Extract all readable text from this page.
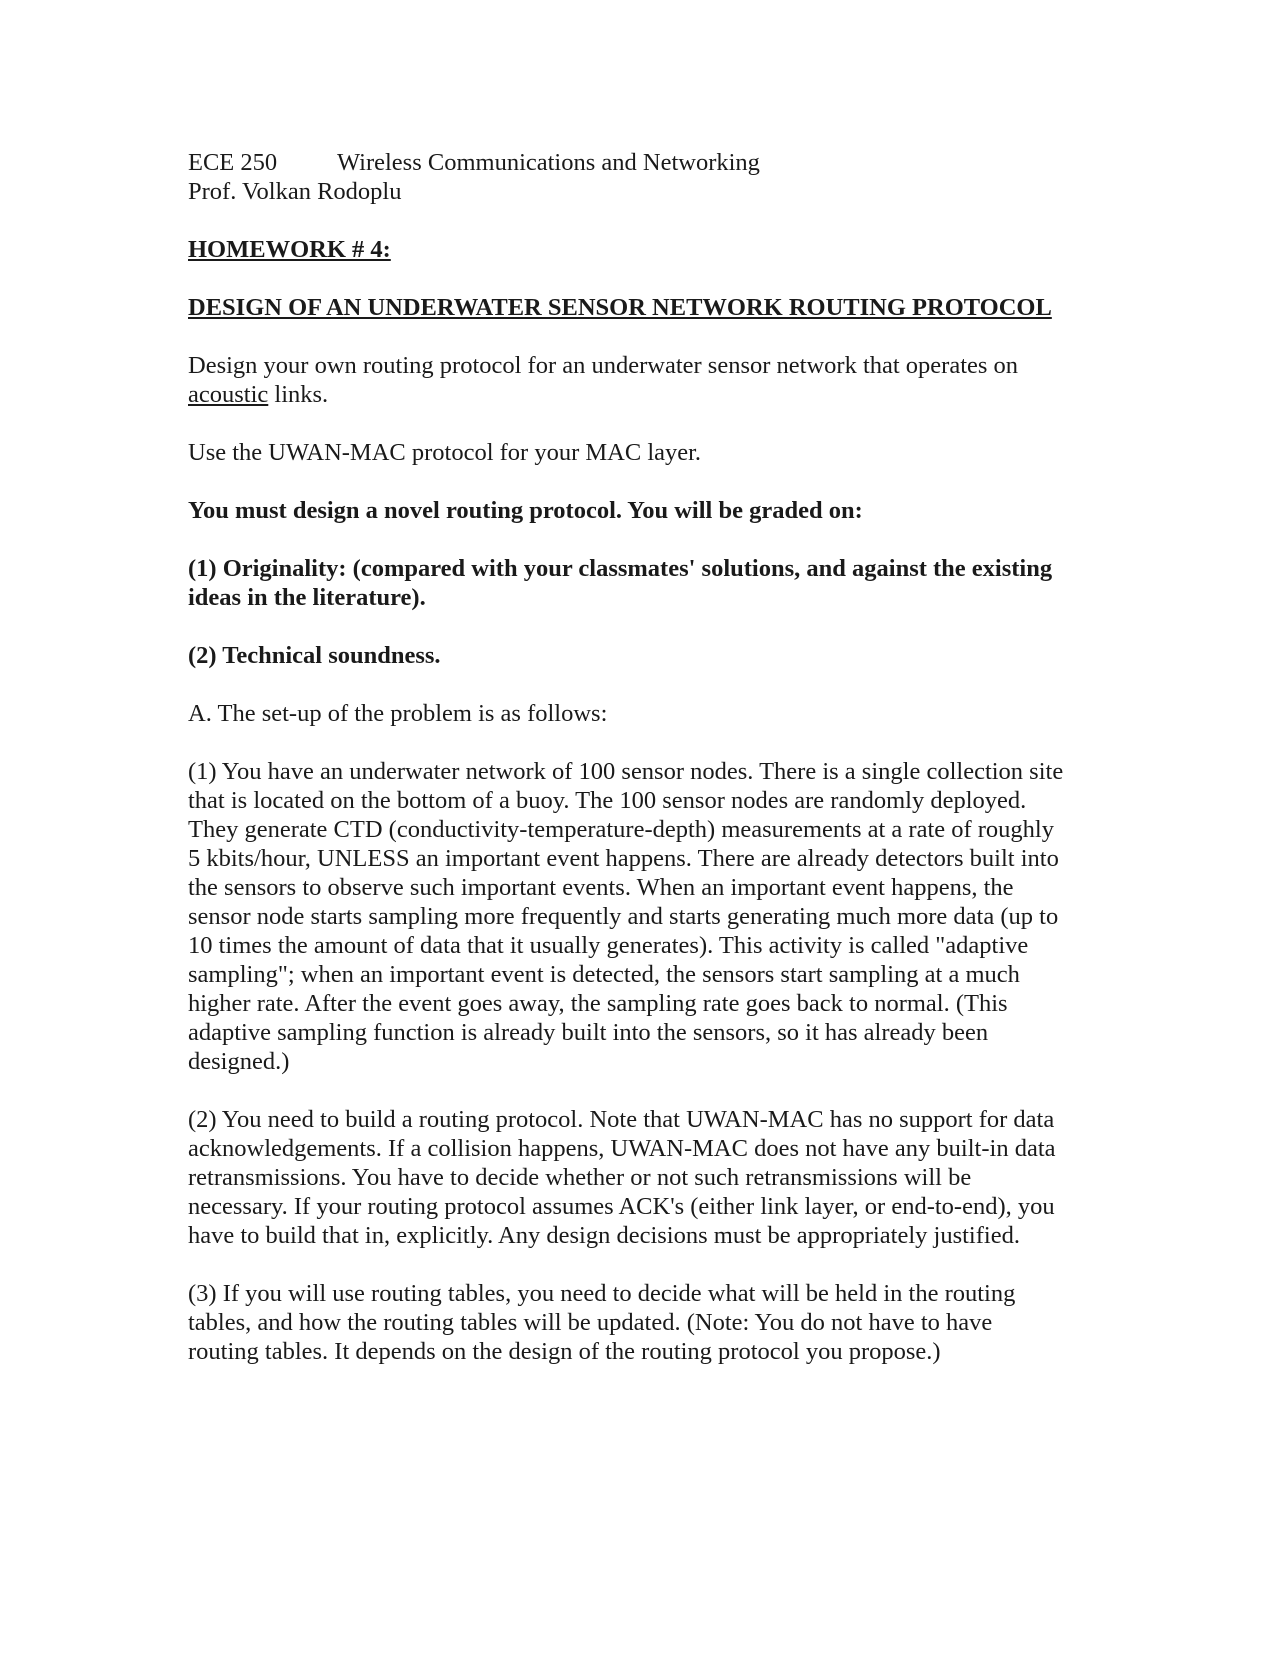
ECE 250 Wireless Communications and Networking
Prof. Volkan Rodoplu
HOMEWORK # 4:
DESIGN OF AN UNDERWATER SENSOR NETWORK ROUTING PROTOCOL
Design your own routing protocol for an underwater sensor network that operates on
acoustic links.
Use the UWAN-MAC protocol for your MAC layer.
You must design a novel routing protocol. You will be graded on:
(1) Originality: (compared with your classmates' solutions, and against the existing
ideas in the literature).
(2) Technical soundness.
A. The set-up of the problem is as follows:
(1) You have an underwater network of 100 sensor nodes. There is a single collection site
that is located on the bottom of a buoy. The 100 sensor nodes are randomly deployed.
They generate CTD (conductivity-temperature-depth) measurements at a rate of roughly
5 kbits/hour, UNLESS an important event happens. There are already detectors built into
the sensors to observe such important events. When an important event happens, the
sensor node starts sampling more frequently and starts generating much more data (up to
10 times the amount of data that it usually generates). This activity is called "adaptive
sampling"; when an important event is detected, the sensors start sampling at a much
higher rate. After the event goes away, the sampling rate goes back to normal. (This
adaptive sampling function is already built into the sensors, so it has already been
designed.)
(2) You need to build a routing protocol. Note that UWAN-MAC has no support for data
acknowledgements. If a collision happens, UWAN-MAC does not have any built-in data
retransmissions. You have to decide whether or not such retransmissions will be
necessary. If your routing protocol assumes ACK's (either link layer, or end-to-end), you
have to build that in, explicitly. Any design decisions must be appropriately justified.
(3) If you will use routing tables, you need to decide what will be held in the routing
tables, and how the routing tables will be updated. (Note: You do not have to have
routing tables. It depends on the design of the routing protocol you propose.)
